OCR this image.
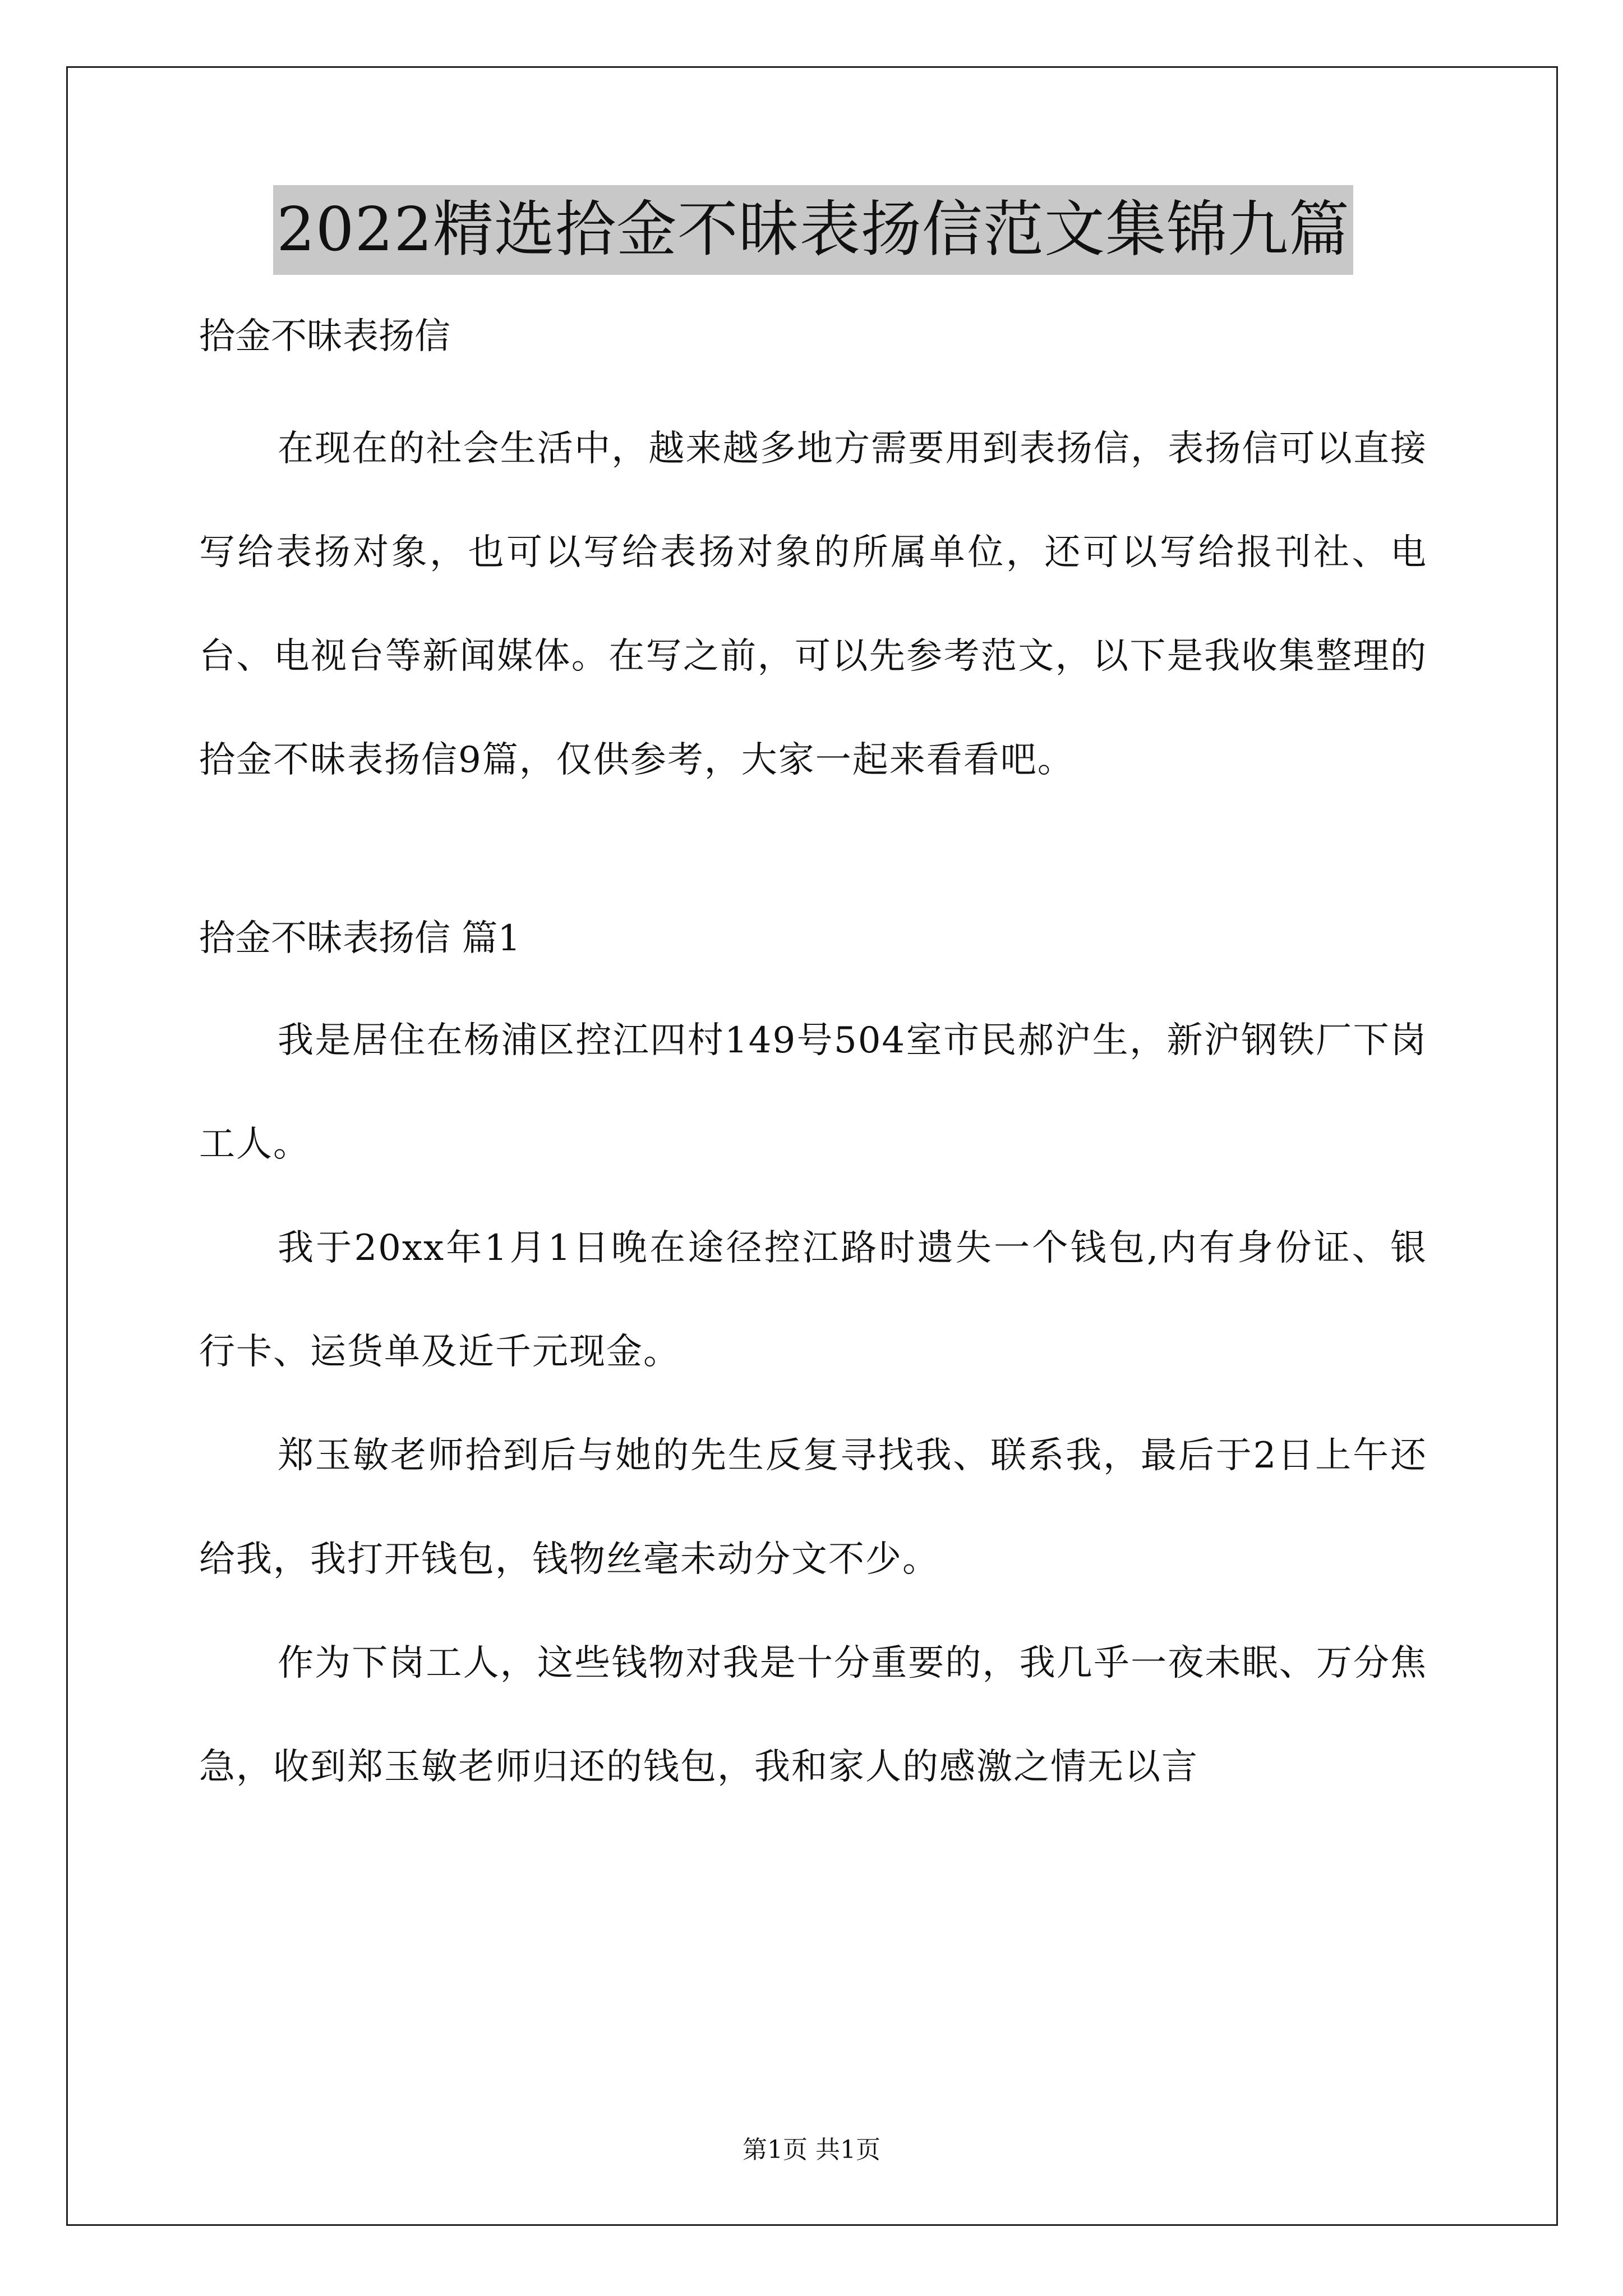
2022精选拾金不昧表扬信范文集锦九篇

拾金不昧表扬信

在现在的社会生活中，越来越多地方需要用到表扬信，表扬信可以直接写给表扬对象，也可以写给表扬对象的所属单位，还可以写给报刊社、电台、电视台等新闻媒体。在写之前，可以先参考范文，以下是我收集整理的拾金不昧表扬信9篇，仅供参考，大家一起来看看吧。

拾金不昧表扬信 篇1

我是居住在杨浦区控江四村149号504室市民郝沪生，新沪钢铁厂下岗工人。

我于20xx年1月1日晚在途径控江路时遗失一个钱包,内有身份证、银行卡、运货单及近千元现金。

郑玉敏老师拾到后与她的先生反复寻找我、联系我，最后于2日上午还给我，我打开钱包，钱物丝毫未动分文不少。

作为下岗工人，这些钱物对我是十分重要的，我几乎一夜未眠、万分焦急，收到郑玉敏老师归还的钱包，我和家人的感激之情无以言

第1页 共1页
